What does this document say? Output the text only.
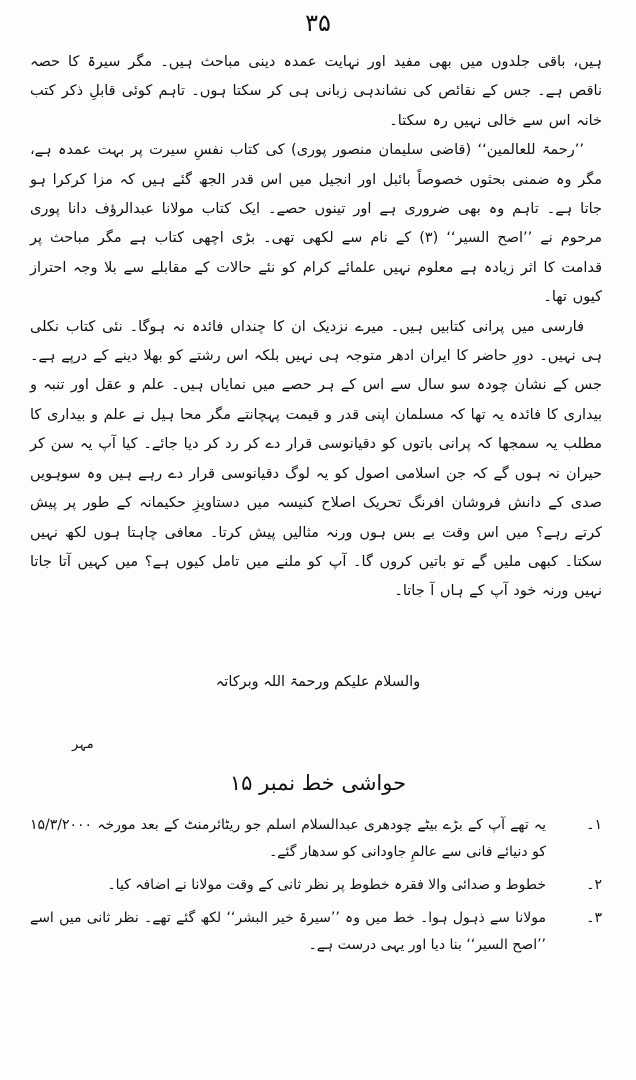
۳۵

ہیں، باقی جلدوں میں بھی مفید اور نہایت عمدہ دینی مباحث ہیں۔ مگر سیرۃ کا حصہ ناقص ہے۔ جس کے نقائص کی نشاندہی زبانی ہی کر سکتا ہوں۔ تاہم کوئی قابلِ ذکر کتب خانہ اس سے خالی نہیں رہ سکتا۔

’’رحمۃ للعالمین‘‘ (قاضی سلیمان منصور پوری) کی کتاب نفسِ سیرت پر بہت عمدہ ہے، مگر وہ ضمنی بحثوں خصوصاً بائبل اور انجیل میں اس قدر الجھ گئے ہیں کہ مزا کرکرا ہو جاتا ہے۔ تاہم وہ بھی ضروری ہے اور تینوں حصے۔ ایک کتاب مولانا عبدالرؤف دانا پوری مرحوم نے ’’اصح السیر‘‘ (۳) کے نام سے لکھی تھی۔ بڑی اچھی کتاب ہے مگر مباحث پر قدامت کا اثر زیادہ ہے معلوم نہیں علمائے کرام کو نئے حالات کے مقابلے سے بلا وجہ احتراز کیوں تھا۔

فارسی میں پرانی کتابیں ہیں۔ میرے نزدیک ان کا چنداں فائدہ نہ ہوگا۔ نئی کتاب نکلی ہی نہیں۔ دورِ حاضر کا ایران ادھر متوجہ ہی نہیں بلکہ اس رشتے کو بھلا دینے کے درپے ہے۔ جس کے نشان چودہ سو سال سے اس کے ہر حصے میں نمایاں ہیں۔ علم و عقل اور تنبہ و بیداری کا فائدہ یہ تھا کہ مسلمان اپنی قدر و قیمت پہچانتے مگر محا ہیل نے علم و بیداری کا مطلب یہ سمجھا کہ پرانی باتوں کو دقیانوسی قرار دے کر رد کر دیا جائے۔ کیا آپ یہ سن کر حیران نہ ہوں گے کہ جن اسلامی اصول کو یہ لوگ دقیانوسی قرار دے رہے ہیں وہ سوہویں صدی کے دانش فروشان افرنگ تحریک اصلاح کنیسہ میں دستاویزِ حکیمانہ کے طور پر پیش کرتے رہے؟ میں اس وقت بے بس ہوں ورنہ مثالیں پیش کرتا۔ معافی چاہتا ہوں لکھ نہیں سکتا۔ کبھی ملیں گے تو باتیں کروں گا۔ آپ کو ملنے میں تامل کیوں ہے؟ میں کہیں آتا جاتا نہیں ورنہ خود آپ کے ہاں آ جاتا۔

والسلام علیکم ورحمۃ اللہ وبرکاتہ
مہر
حواشی خط نمبر ۱۵
۱۔
یہ تھے آپ کے بڑے بیٹے چودھری عبدالسلام اسلم جو ریٹائرمنٹ کے بعد مورخہ ۱۵/۳/۲۰۰۰ کو دنیائے فانی سے عالمِ جاودانی کو سدھار گئے۔
۲۔
خطوط و صدائی والا فقرہ خطوط پر نظر ثانی کے وقت مولانا نے اضافہ کیا۔
۳۔
مولانا سے ذہول ہوا۔ خط میں وہ ’’سیرۃ خیر البشر‘‘ لکھ گئے تھے۔ نظر ثانی میں اسے ’’اصح السیر‘‘ بنا دیا اور یہی درست ہے۔
